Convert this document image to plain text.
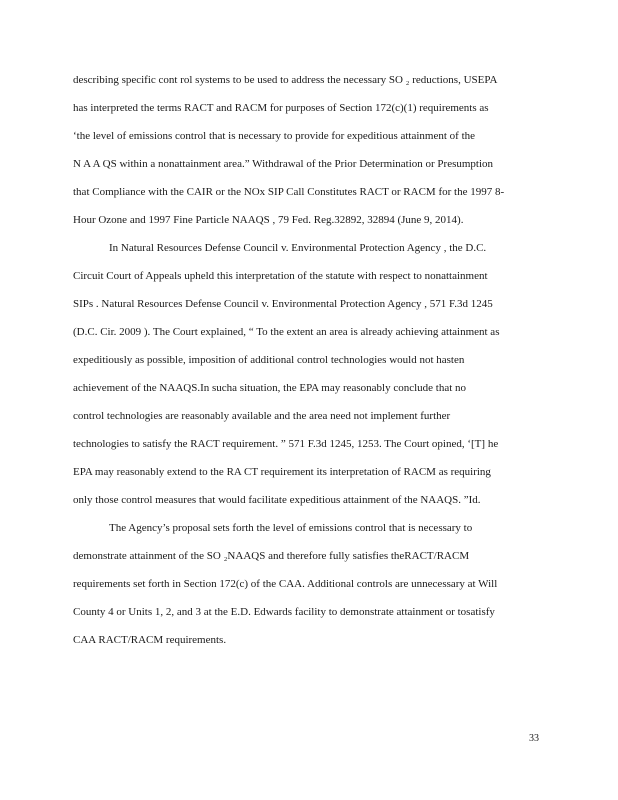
describing specific cont rol systems to be used to address the necessary SO ₂ reductions, USEPA
has interpreted the terms RACT and RACM for purposes of Section 172(c)(1) requirements as
‘the level of emissions control that is necessary to provide for expeditious attainment of the
N A A QS within a nonattainment area.” Withdrawal of the Prior Determination or Presumption
that Compliance with the CAIR or the NOx SIP Call Constitutes RACT or RACM for the 1997 8-
Hour Ozone and 1997 Fine Particle NAAQS , 79 Fed. Reg.32892, 32894 (June 9, 2014).
In Natural Resources Defense Council v. Environmental Protection Agency , the D.C.
Circuit Court of Appeals upheld this interpretation of the statute with respect to nonattainment
SIPs . Natural Resources Defense Council v. Environmental Protection Agency , 571 F.3d 1245
(D.C. Cir. 2009 ). The Court explained, “ To the extent an area is already achieving attainment as
expeditiously as possible, imposition of additional control technologies would not hasten
achievement of the NAAQS.In sucha situation, the EPA may reasonably conclude that no
control technologies are reasonably available and the area need not implement further
technologies to satisfy the RACT requirement. ” 571 F.3d 1245, 1253. The Court opined, ‘[T] he
EPA may reasonably extend to the RA CT requirement its interpretation of RACM as requiring
only those control measures that would facilitate expeditious attainment of the NAAQS. ”Id.
The Agency’s proposal sets forth the level of emissions control that is necessary to
demonstrate attainment of the SO ₂NAAQS and therefore fully satisfies theRACT/RACM
requirements set forth in Section 172(c) of the CAA. Additional controls are unnecessary at Will
County 4 or Units 1, 2, and 3 at the E.D. Edwards facility to demonstrate attainment or tosatisfy
CAA RACT/RACM requirements.
33
